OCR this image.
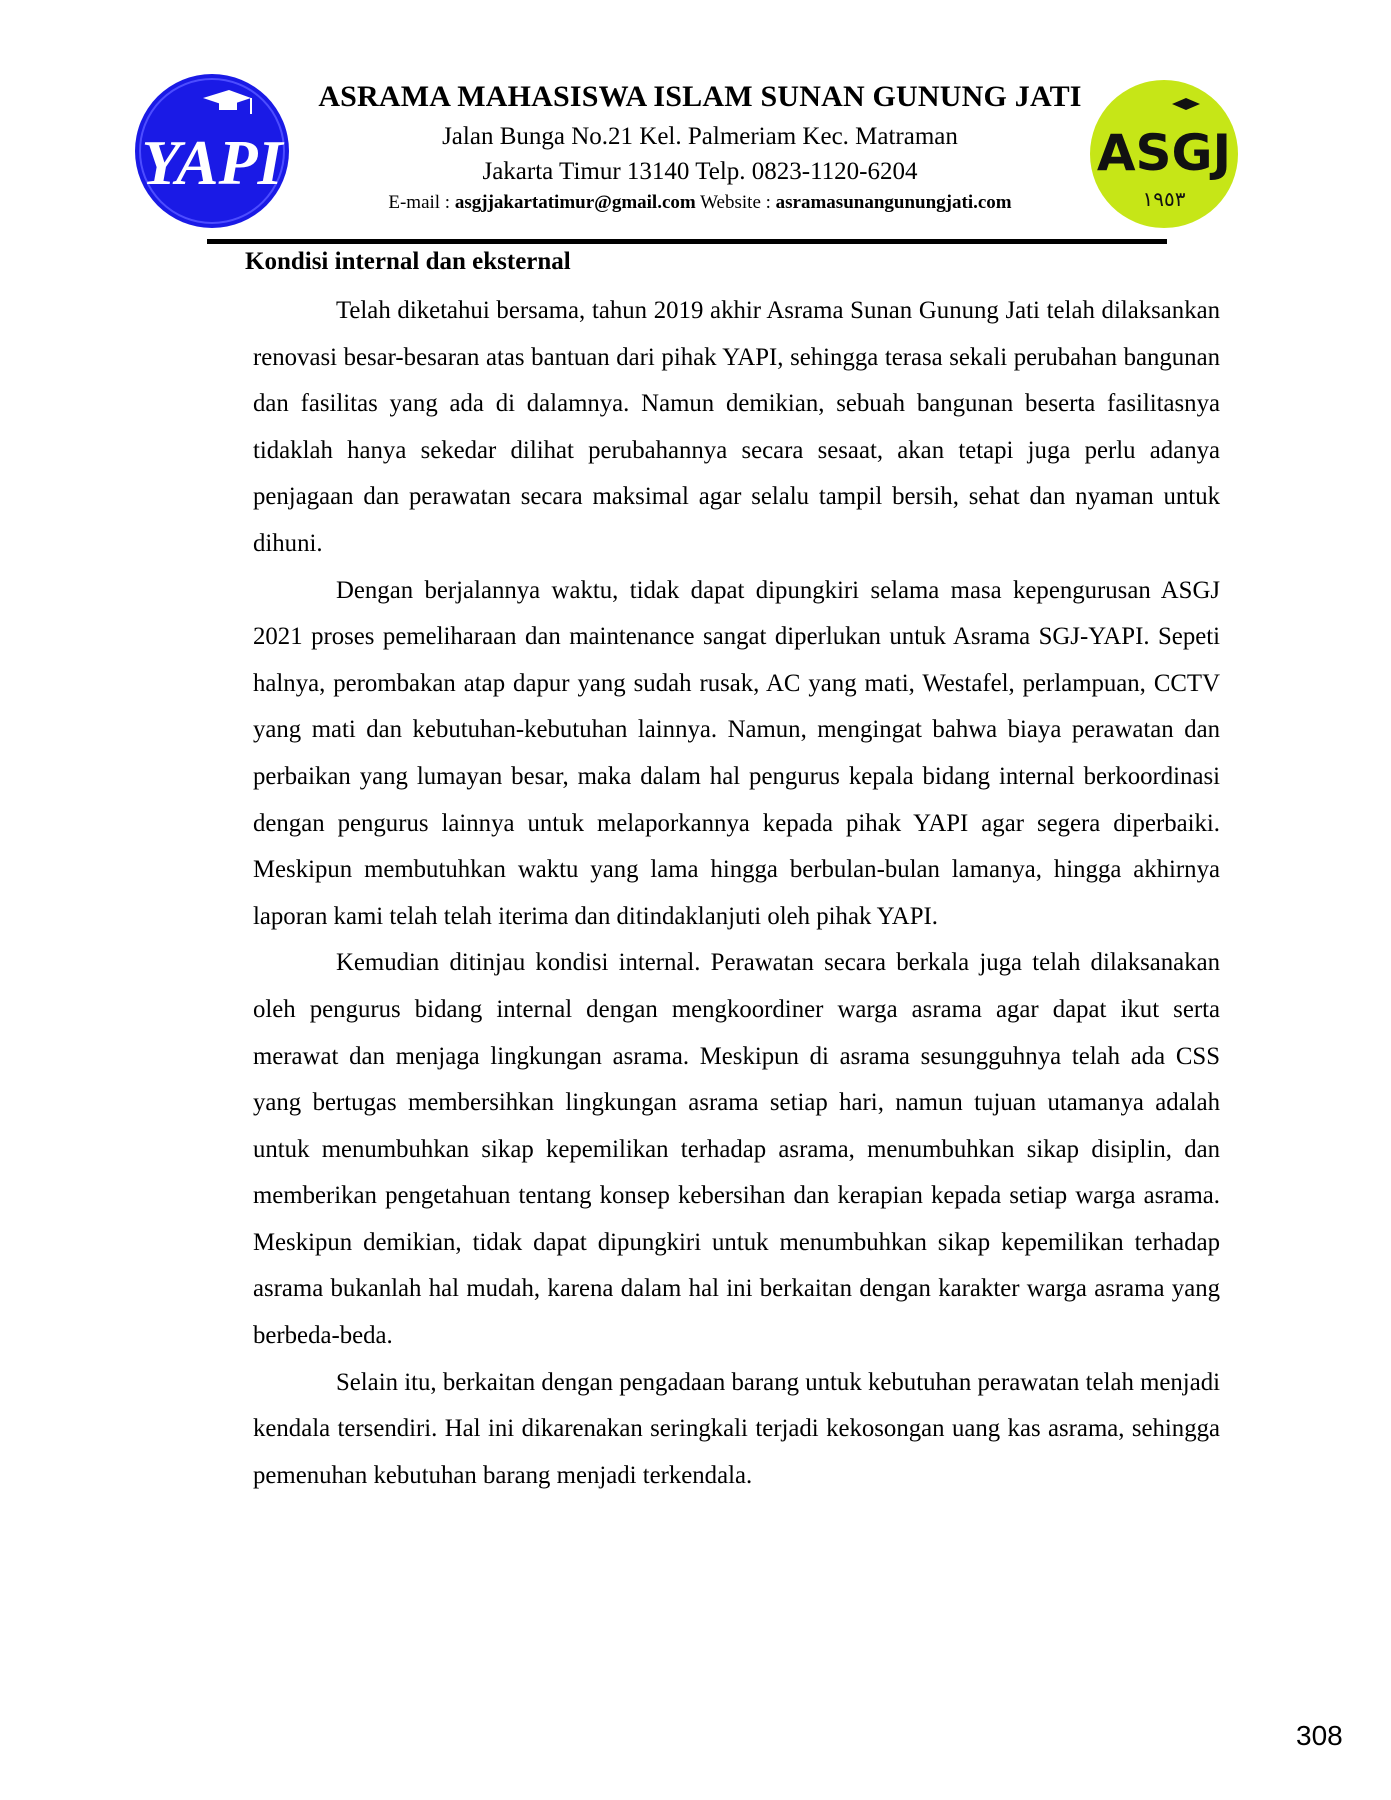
YAPI
ASRAMA MAHASISWA ISLAM SUNAN GUNUNG JATI
Jalan Bunga No.21 Kel. Palmeriam Kec. Matraman
Jakarta Timur 13140 Telp. 0823-1120-6204
E-mail : asgjjakartatimur@gmail.com Website : asramasunangunungjati.com
ASGJ
١٩٥٣
Kondisi internal dan eksternal

Telah diketahui bersama, tahun 2019 akhir Asrama Sunan Gunung Jati telah dilaksankan renovasi besar-besaran atas bantuan dari pihak YAPI, sehingga terasa sekali perubahan bangunan dan fasilitas yang ada di dalamnya. Namun demikian, sebuah bangunan beserta fasilitasnya tidaklah hanya sekedar dilihat perubahannya secara sesaat, akan tetapi juga perlu adanya penjagaan dan perawatan secara maksimal agar selalu tampil bersih, sehat dan nyaman untuk dihuni.

Dengan berjalannya waktu, tidak dapat dipungkiri selama masa kepengurusan ASGJ 2021 proses pemeliharaan dan maintenance sangat diperlukan untuk Asrama SGJ-YAPI. Sepeti halnya, perombakan atap dapur yang sudah rusak, AC yang mati, Westafel, perlampuan, CCTV yang mati dan kebutuhan-kebutuhan lainnya. Namun, mengingat bahwa biaya perawatan dan perbaikan yang lumayan besar, maka dalam hal pengurus kepala bidang internal berkoordinasi dengan pengurus lainnya untuk melaporkannya kepada pihak YAPI agar segera diperbaiki. Meskipun membutuhkan waktu yang lama hingga berbulan-bulan lamanya, hingga akhirnya laporan kami telah telah iterima dan ditindaklanjuti oleh pihak YAPI.

Kemudian ditinjau kondisi internal. Perawatan secara berkala juga telah dilaksanakan oleh pengurus bidang internal dengan mengkoordiner warga asrama agar dapat ikut serta merawat dan menjaga lingkungan asrama. Meskipun di asrama sesungguhnya telah ada CSS yang bertugas membersihkan lingkungan asrama setiap hari, namun tujuan utamanya adalah untuk menumbuhkan sikap kepemilikan terhadap asrama, menumbuhkan sikap disiplin, dan memberikan pengetahuan tentang konsep kebersihan dan kerapian kepada setiap warga asrama. Meskipun demikian, tidak dapat dipungkiri untuk menumbuhkan sikap kepemilikan terhadap asrama bukanlah hal mudah, karena dalam hal ini berkaitan dengan karakter warga asrama yang berbeda-beda.

Selain itu, berkaitan dengan pengadaan barang untuk kebutuhan perawatan telah menjadi kendala tersendiri. Hal ini dikarenakan seringkali terjadi kekosongan uang kas asrama, sehingga pemenuhan kebutuhan barang menjadi terkendala.

308
